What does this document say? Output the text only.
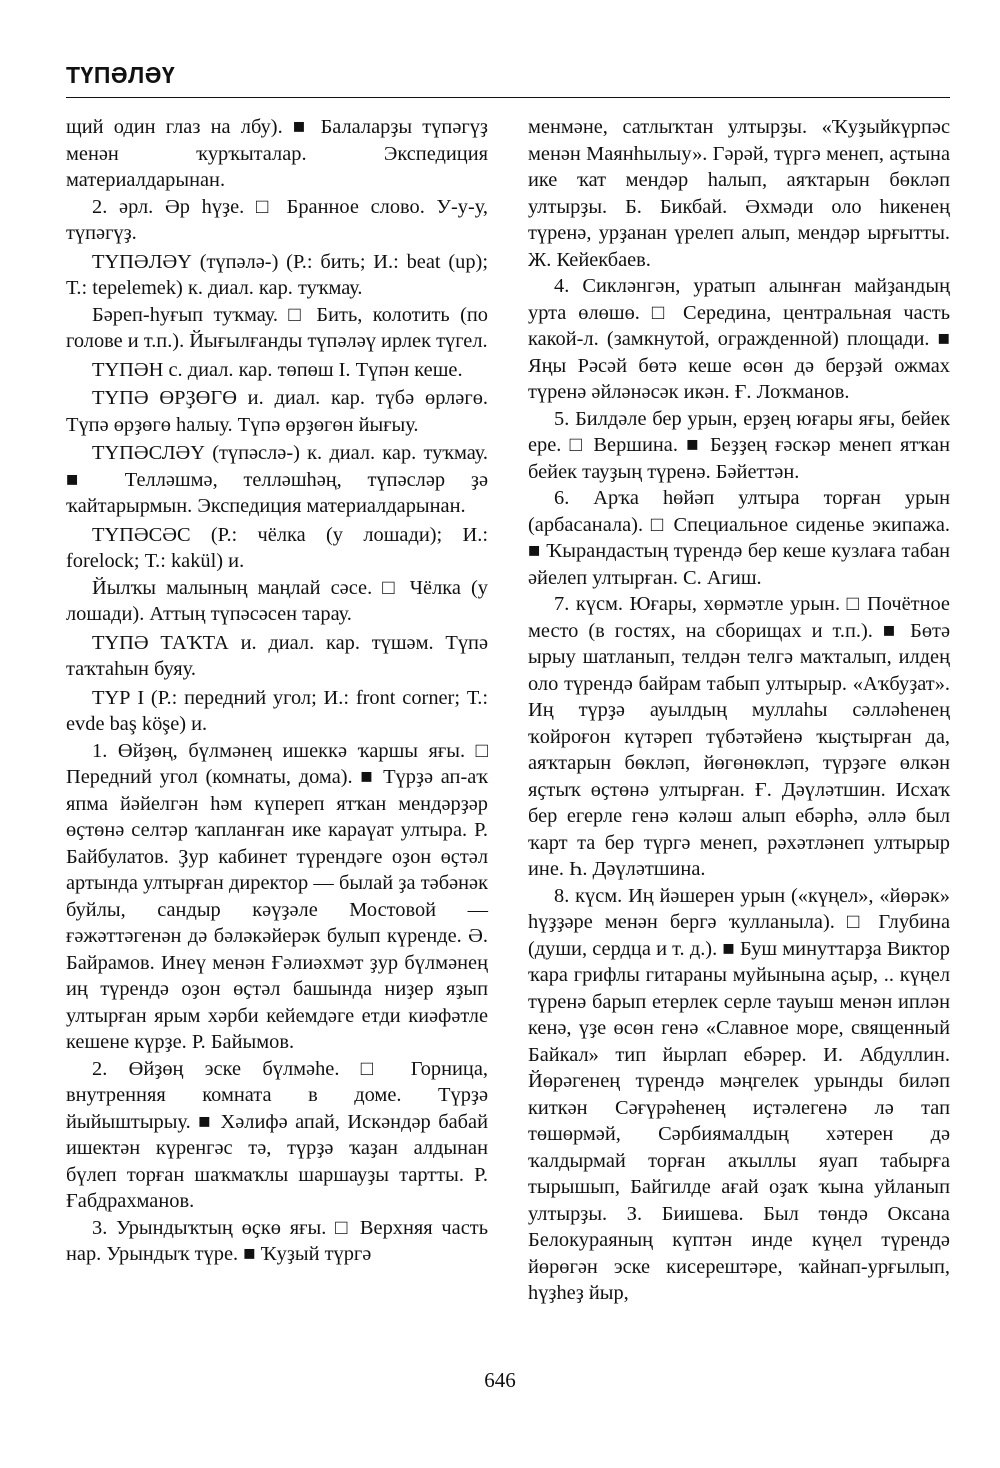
ТҮПӘЛӘҮ

щий один глаз на лбу). ■ Балаларҙы түпәгүҙ менән ҡурҡыталар. Экспедиция материалдарынан.

2. әрл. Әр һүҙе. □ Бранное слово. У-у-у, түпәгүҙ.

ТҮПӘЛӘҮ (түпәлә-) (Р.: бить; И.: beat (up); Т.: tepelemek) к. диал. кар. туҡмау.

Бәреп-һуғып туҡмау. □ Бить, колотить (по голове и т.п.). Йығылғанды түпәләү ирлек түгел.

ТҮПӘН с. диал. кар. төпөш I. Түпән кеше.

ТҮПӘ ӨРҘӨГӨ и. диал. кар. түбә өрләгө. Түпә өрҙөгө һалыу. Түпә өрҙөгөн йығыу.

ТҮПӘСЛӘҮ (түпәслә-) к. диал. кар. туҡмау. ■ Телләшмә, телләшһәң, түпәсләр ҙә ҡайтарырмын. Экспедиция материалдарынан.

ТҮПӘСӘС (Р.: чёлка (у лошади); И.: forelock; Т.: kakül) и.

Йылҡы малының маңлай сәсе. □ Чёлка (у лошади). Аттың түпәсәсен тарау.

ТҮПӘ ТАҠТА и. диал. кар. түшәм. Түпә таҡтаһын буяу.

ТҮР I (Р.: передний угол; И.: front corner; Т.: evde baş köşe) и.

1. Өйҙөң, бүлмәнең ишеккә ҡаршы яғы. □ Передний угол (комнаты, дома). ■ Түрҙә ап-аҡ япма йәйелгән һәм күпереп ятҡан мендәрҙәр өҫтөнә селтәр ҡапланған ике караүат ултыра. Р. Байбулатов. Ҙур кабинет түрендәге оҙон өҫтәл артында ултырған директор — былай ҙа тәбәнәк буйлы, сандыр кәүҙәле Мостовой — ғәжәттәгенән дә бәләкәйерәк булып күренде. Ә. Байрамов. Инеү менән Ғәлиәхмәт ҙур бүлмәнең иң түрендә оҙон өҫтәл башында ниҙер яҙып ултырған ярым хәрби кейемдәге етди киәфәтле кешене күрҙе. Р. Байымов.

2. Өйҙөң эске бүлмәһе. □ Горница, внутренняя комната в доме. Түрҙә йыйыштырыу. ■ Хәлифә апай, Искәндәр бабай ишектән күренгәс тә, түрҙә ҡаҙан алдынан бүлеп торған шаҡмаҡлы шаршауҙы тартты. Р. Ғабдрахманов.

3. Урындыҡтың өҫкө яғы. □ Верхняя часть нар. Урындыҡ түре. ■ Ҡуҙый түргә

менмәне, сатлыҡтан ултырҙы. «Ҡуҙыйкүрпәс менән Маянһылыу». Гәрәй, түргә менеп, аҫтына ике ҡат мендәр һалып, аяҡтарын бөкләп ултырҙы. Б. Бикбай. Әхмәди оло һикенең түренә, урҙанан үрелеп алып, мендәр ырғытты. Ж. Кейекбаев.

4. Сикләнгән, уратып алынған майҙандың урта өлөшө. □ Середина, центральная часть какой-л. (замкнутой, огражденной) площади. ■ Яңы Рәсәй бөтә кеше өсөн дә берҙәй ожмах түренә әйләнәсәк икән. Ғ. Лоҡманов.

5. Билдәле бер урын, ерҙең юғары яғы, бейек ере. □ Вершина. ■ Беҙҙең ғәскәр менеп ятҡан бейек тауҙың түренә. Бәйеттән.

6. Арҡа һөйәп ултыра торған урын (арбасанала). □ Специальное сиденье экипажа. ■ Ҡырандастың түрендә бер кеше кузлаға табан әйелеп ултырған. С. Агиш.

7. күсм. Юғары, хөрмәтле урын. □ Почётное место (в гостях, на сборищах и т.п.). ■ Бөтә ырыу шатланып, телдән телгә маҡталып, илдең оло түрендә байрам табып ултырыр. «Аҡбуҙат». Иң түрҙә ауылдың муллаһы сәлләһенең ҡойроғон күтәреп түбәтәйенә ҡыҫтырған да, аяҡтарын бөкләп, йөгөнөкләп, түрҙәге өлкән яҫтыҡ өҫтөнә ултырған. Ғ. Дәүләтшин. Исхаҡ бер егерле генә кәләш алып ебәрһә, әллә был ҡарт та бер түргә менеп, рәхәтләнеп ултырыр ине. Һ. Дәүләтшина.

8. күсм. Иң йәшерен урын («күңел», «йөрәк» һүҙҙәре менән бергә ҡулланыла). □ Глубина (души, сердца и т. д.). ■ Буш минуттарҙа Виктор ҡара грифлы гитараны муйынына аҫыр, .. күңел түренә барып етерлек серле тауыш менән иплән кенә, үҙе өсөн генә «Славное море, священный Байкал» тип йырлап ебәрер. И. Абдуллин. Йөрәгенең түрендә мәңгелек урынды биләп киткән Сәғүрәһенең иҫтәлегенә лә тап төшөрмәй, Сәрбиямалдың хәтерен дә ҡалдырмай торған аҡыллы яуап табырға тырышып, Байгилде ағай оҙаҡ ҡына уйланып ултырҙы. З. Биишева. Был төндә Оксана Белокураяның күптән инде күңел түрендә йөрөгән эске кисерештәре, ҡайнап-урғылып, һүҙһеҙ йыр,

646
